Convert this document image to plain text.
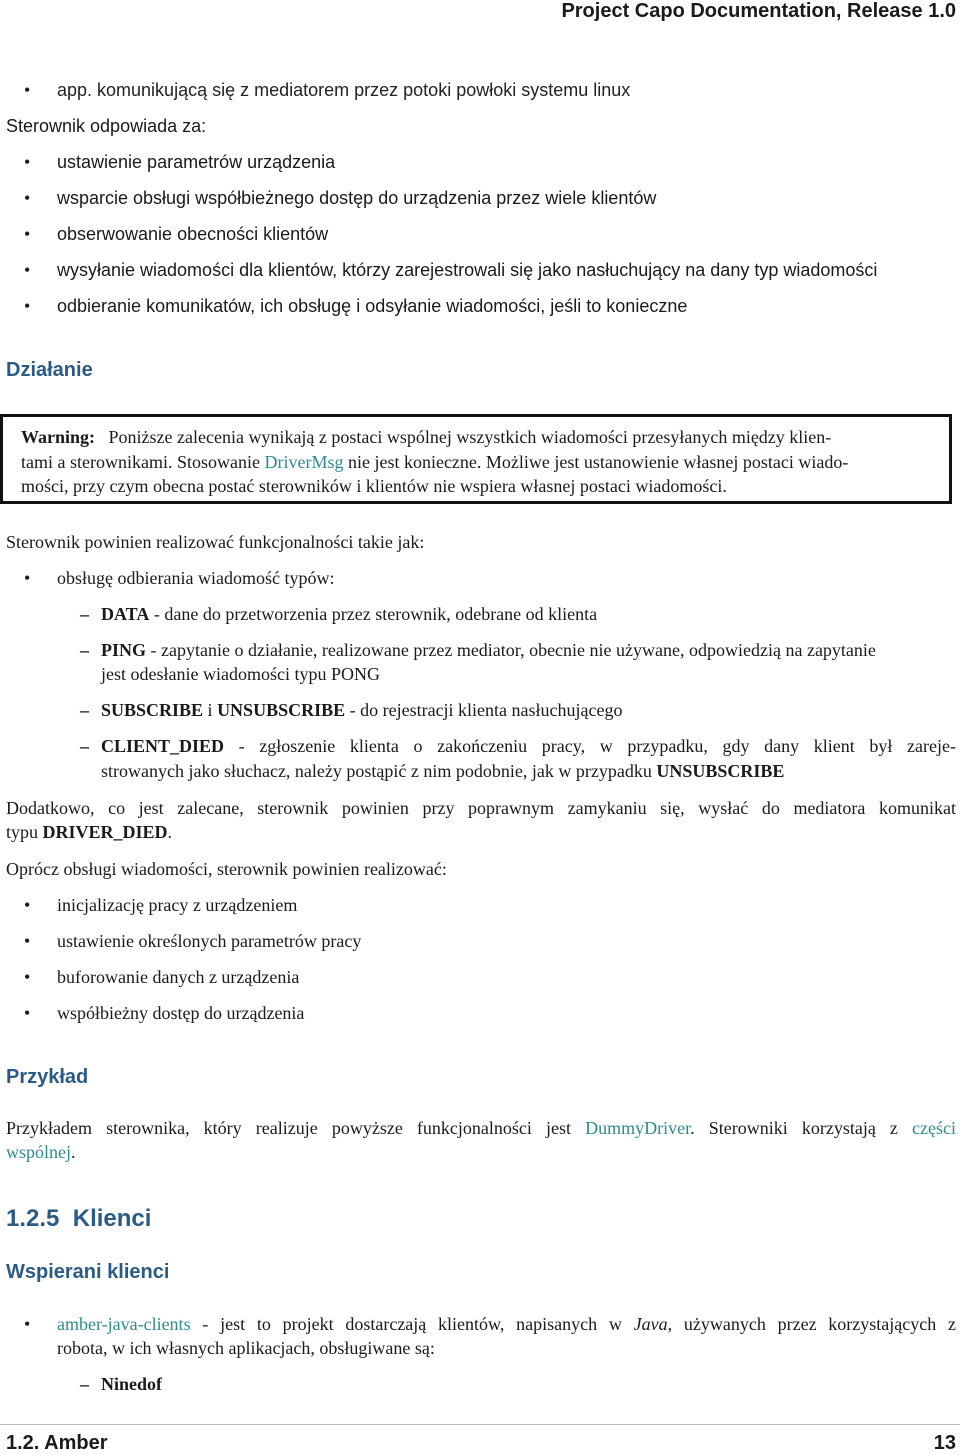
Project Capo Documentation, Release 1.0
• app. komunikującą się z mediatorem przez potoki powłoki systemu linux
Sterownik odpowiada za:
• ustawienie parametrów urządzenia
• wsparcie obsługi współbieżnego dostęp do urządzenia przez wiele klientów
• obserwowanie obecności klientów
• wysyłanie wiadomości dla klientów, którzy zarejestrowali się jako nasłuchujący na dany typ wiadomości
• odbieranie komunikatów, ich obsługę i odsyłanie wiadomości, jeśli to konieczne
Działanie
Warning: Poniższe zalecenia wynikają z postaci wspólnej wszystkich wiadomości przesyłanych między klien-
tami a sterownikami. Stosowanie DriverMsg nie jest konieczne. Możliwe jest ustanowienie własnej postaci wiado-
mości, przy czym obecna postać sterowników i klientów nie wspiera własnej postaci wiadomości.
Sterownik powinien realizować funkcjonalności takie jak:
• obsługę odbierania wiadomość typów:
– DATA - dane do przetworzenia przez sterownik, odebrane od klienta
– PING - zapytanie o działanie, realizowane przez mediator, obecnie nie używane, odpowiedzią na zapytanie
jest odesłanie wiadomości typu PONG
– SUBSCRIBE i UNSUBSCRIBE - do rejestracji klienta nasłuchującego
– CLIENT_DIED - zgłoszenie klienta o zakończeniu pracy, w przypadku, gdy dany klient był zareje-
strowanych jako słuchacz, należy postąpić z nim podobnie, jak w przypadku UNSUBSCRIBE
Dodatkowo, co jest zalecane, sterownik powinien przy poprawnym zamykaniu się, wysłać do mediatora komunikat
typu DRIVER_DIED.
Oprócz obsługi wiadomości, sterownik powinien realizować:
• inicjalizację pracy z urządzeniem
• ustawienie określonych parametrów pracy
• buforowanie danych z urządzenia
• współbieżny dostęp do urządzenia
Przykład
Przykładem sterownika, który realizuje powyższe funkcjonalności jest DummyDriver. Sterowniki korzystają z części
wspólnej.
1.2.5 Klienci
Wspierani klienci
• amber-java-clients - jest to projekt dostarczają klientów, napisanych w Java, używanych przez korzystających z
robota, w ich własnych aplikacjach, obsługiwane są:
– Ninedof
1.2. Amber	13
